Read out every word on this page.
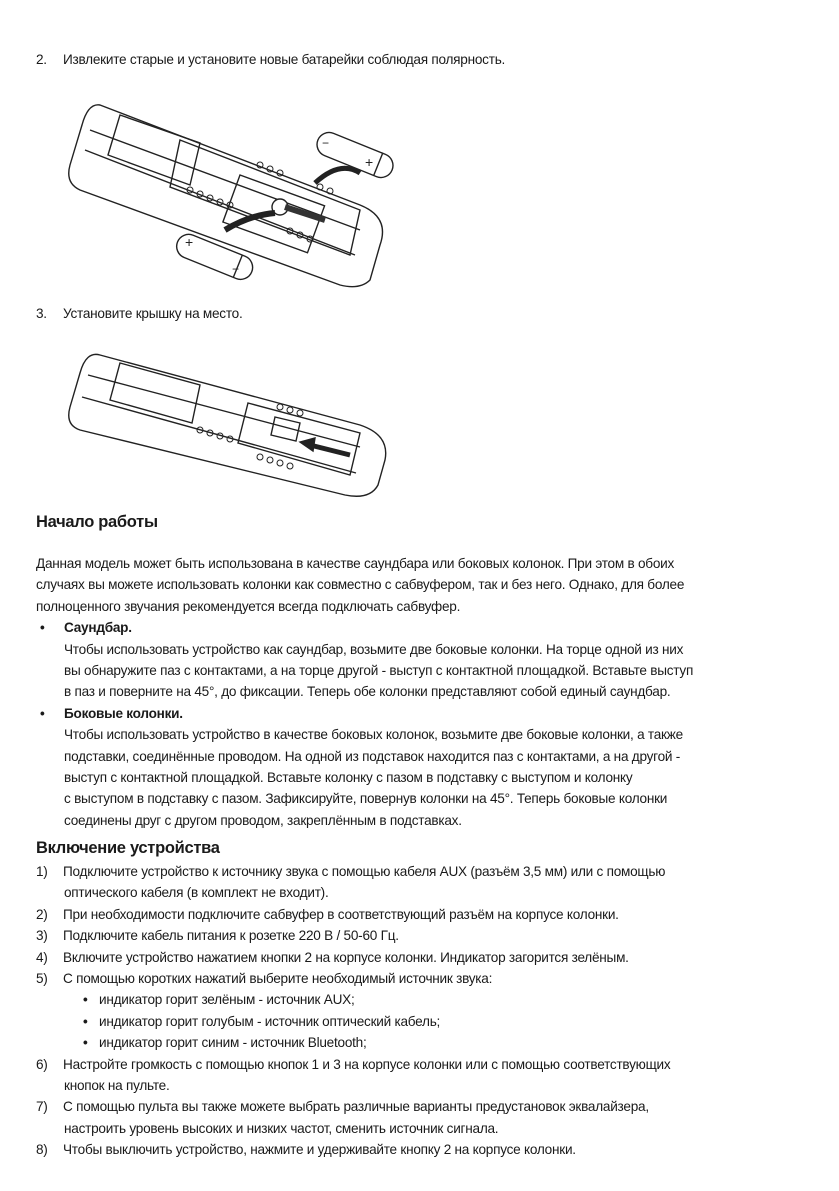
2. Извлеките старые и установите новые батарейки соблюдая полярность.
−
+
+
−
3. Установите крышку на место.
Начало работы
Данная модель может быть использована в качестве саундбара или боковых колонок. При этом в обоих
случаях вы можете использовать колонки как совместно с сабвуфером, так и без него. Однако, для более
полноценного звучания рекомендуется всегда подключать сабвуфер.
• Саундбар.
Чтобы использовать устройство как саундбар, возьмите две боковые колонки. На торце одной из них
вы обнаружите паз с контактами, а на торце другой - выступ с контактной площадкой. Вставьте выступ
в паз и поверните на 45°, до фиксации. Теперь обе колонки представляют собой единый саундбар.
• Боковые колонки.
Чтобы использовать устройство в качестве боковых колонок, возьмите две боковые колонки, а также
подставки, соединённые проводом. На одной из подставок находится паз с контактами, а на другой -
выступ с контактной площадкой. Вставьте колонку с пазом в подставку с выступом и колонку
с выступом в подставку с пазом. Зафиксируйте, повернув колонки на 45°. Теперь боковые колонки
соединены друг с другом проводом, закреплённым в подставках.
Включение устройства
1) Подключите устройство к источнику звука с помощью кабеля AUX (разъём 3,5 мм) или с помощью
оптического кабеля (в комплект не входит).
2) При необходимости подключите сабвуфер в соответствующий разъём на корпусе колонки.
3) Подключите кабель питания к розетке 220 В / 50-60 Гц.
4) Включите устройство нажатием кнопки 2 на корпусе колонки. Индикатор загорится зелёным.
5) С помощью коротких нажатий выберите необходимый источник звука:
• индикатор горит зелёным - источник AUX;
• индикатор горит голубым - источник оптический кабель;
• индикатор горит синим - источник Bluetooth;
6) Настройте громкость с помощью кнопок 1 и 3 на корпусе колонки или с помощью соответствующих
кнопок на пульте.
7) С помощью пульта вы также можете выбрать различные варианты предустановок эквалайзера,
настроить уровень высоких и низких частот, сменить источник сигнала.
8) Чтобы выключить устройство, нажмите и удерживайте кнопку 2 на корпусе колонки.
